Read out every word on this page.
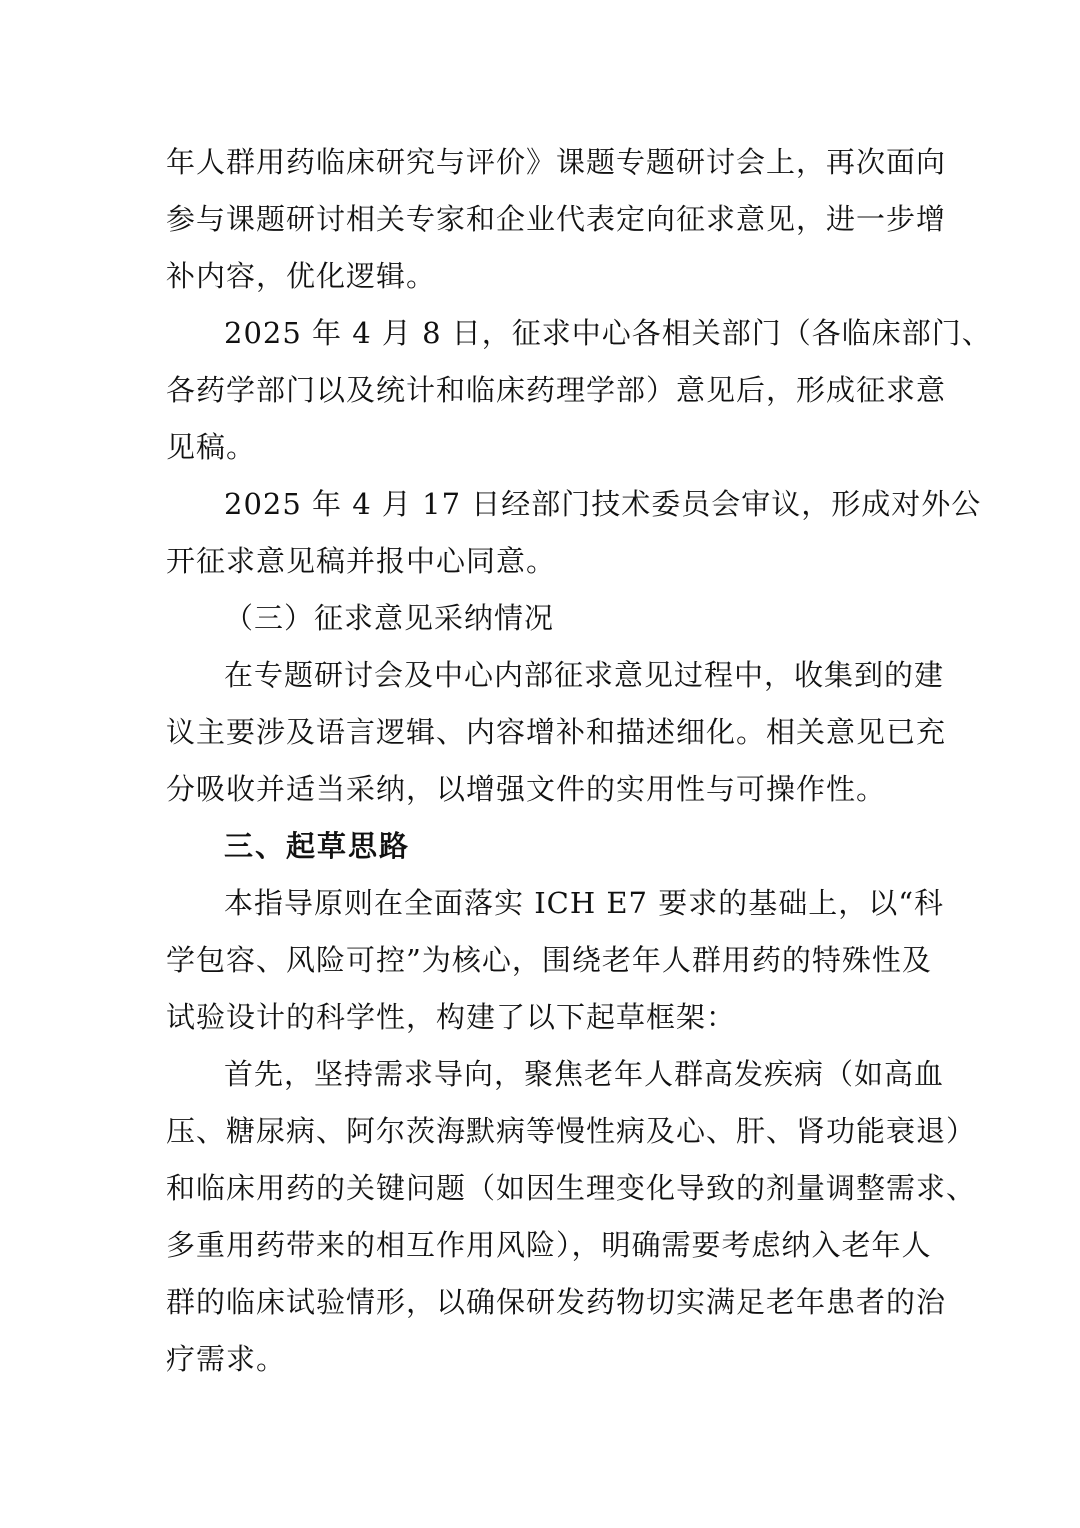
年人群用药临床研究与评价》课题专题研讨会上，再次面向
参与课题研讨相关专家和企业代表定向征求意见，进一步增
补内容，优化逻辑。
2025 年 4 月 8 日，征求中心各相关部门（各临床部门、
各药学部门以及统计和临床药理学部）意见后，形成征求意
见稿。
2025 年 4 月 17 日经部门技术委员会审议，形成对外公
开征求意见稿并报中心同意。
（三）征求意见采纳情况
在专题研讨会及中心内部征求意见过程中，收集到的建
议主要涉及语言逻辑、内容增补和描述细化。相关意见已充
分吸收并适当采纳，以增强文件的实用性与可操作性。
三、起草思路
本指导原则在全面落实 ICH E7 要求的基础上，以“科
学包容、风险可控”为核心，围绕老年人群用药的特殊性及
试验设计的科学性，构建了以下起草框架：
首先，坚持需求导向，聚焦老年人群高发疾病（如高血
压、糖尿病、阿尔茨海默病等慢性病及心、肝、肾功能衰退）
和临床用药的关键问题（如因生理变化导致的剂量调整需求、
多重用药带来的相互作用风险），明确需要考虑纳入老年人
群的临床试验情形，以确保研发药物切实满足老年患者的治
疗需求。
